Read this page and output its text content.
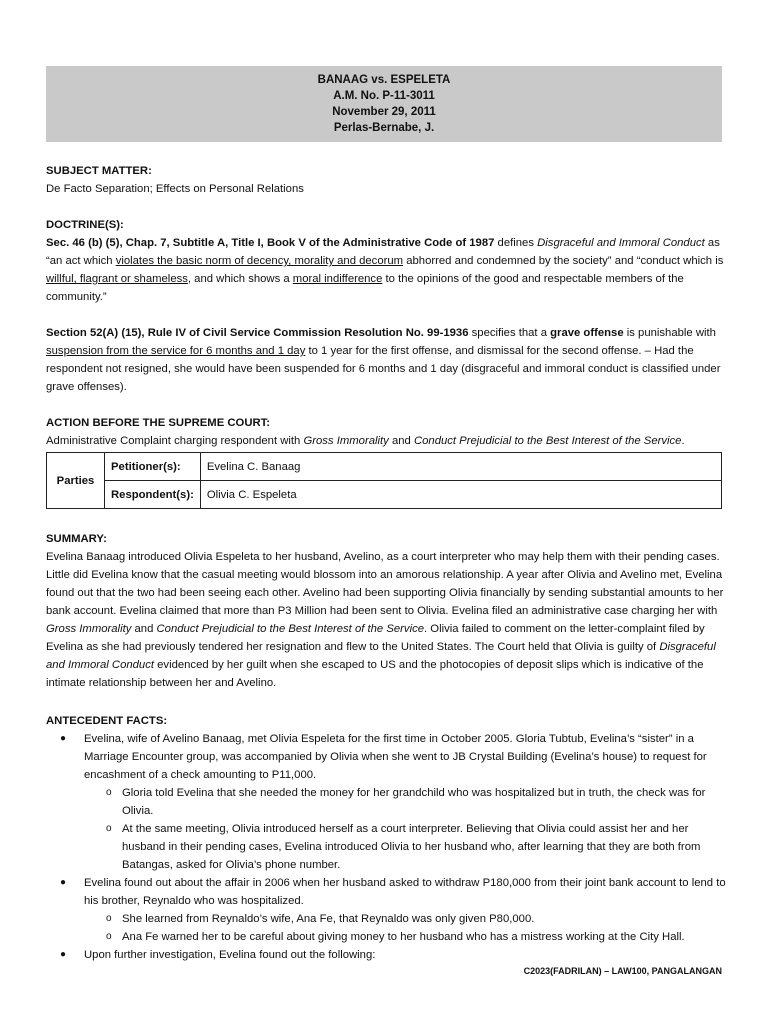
BANAAG vs. ESPELETA
A.M. No. P-11-3011
November 29, 2011
Perlas-Bernabe, J.
SUBJECT MATTER:
De Facto Separation; Effects on Personal Relations
DOCTRINE(S):
Sec. 46 (b) (5), Chap. 7, Subtitle A, Title I, Book V of the Administrative Code of 1987 defines Disgraceful and Immoral Conduct as “an act which violates the basic norm of decency, morality and decorum abhorred and condemned by the society” and “conduct which is willful, flagrant or shameless, and which shows a moral indifference to the opinions of the good and respectable members of the community.”
Section 52(A) (15), Rule IV of Civil Service Commission Resolution No. 99-1936 specifies that a grave offense is punishable with suspension from the service for 6 months and 1 day to 1 year for the first offense, and dismissal for the second offense. – Had the respondent not resigned, she would have been suspended for 6 months and 1 day (disgraceful and immoral conduct is classified under grave offenses).
ACTION BEFORE THE SUPREME COURT:
Administrative Complaint charging respondent with Gross Immorality and Conduct Prejudicial to the Best Interest of the Service.
Parties	Petitioner(s):	Evelina C. Banaag
	Respondent(s):	Olivia C. Espeleta
SUMMARY:
Evelina Banaag introduced Olivia Espeleta to her husband, Avelino, as a court interpreter who may help them with their pending cases. Little did Evelina know that the casual meeting would blossom into an amorous relationship. A year after Olivia and Avelino met, Evelina found out that the two had been seeing each other. Avelino had been supporting Olivia financially by sending substantial amounts to her bank account. Evelina claimed that more than P3 Million had been sent to Olivia. Evelina filed an administrative case charging her with Gross Immorality and Conduct Prejudicial to the Best Interest of the Service. Olivia failed to comment on the letter-complaint filed by Evelina as she had previously tendered her resignation and flew to the United States. The Court held that Olivia is guilty of Disgraceful and Immoral Conduct evidenced by her guilt when she escaped to US and the photocopies of deposit slips which is indicative of the intimate relationship between her and Avelino.
ANTECEDENT FACTS:
● Evelina, wife of Avelino Banaag, met Olivia Espeleta for the first time in October 2005. Gloria Tubtub, Evelina’s “sister” in a Marriage Encounter group, was accompanied by Olivia when she went to JB Crystal Building (Evelina’s house) to request for encashment of a check amounting to P11,000.
o Gloria told Evelina that she needed the money for her grandchild who was hospitalized but in truth, the check was for Olivia.
o At the same meeting, Olivia introduced herself as a court interpreter. Believing that Olivia could assist her and her husband in their pending cases, Evelina introduced Olivia to her husband who, after learning that they are both from Batangas, asked for Olivia’s phone number.
● Evelina found out about the affair in 2006 when her husband asked to withdraw P180,000 from their joint bank account to lend to his brother, Reynaldo who was hospitalized.
o She learned from Reynaldo’s wife, Ana Fe, that Reynaldo was only given P80,000.
o Ana Fe warned her to be careful about giving money to her husband who has a mistress working at the City Hall.
● Upon further investigation, Evelina found out the following:
C2023(FADRILAN) – LAW100, PANGALANGAN
